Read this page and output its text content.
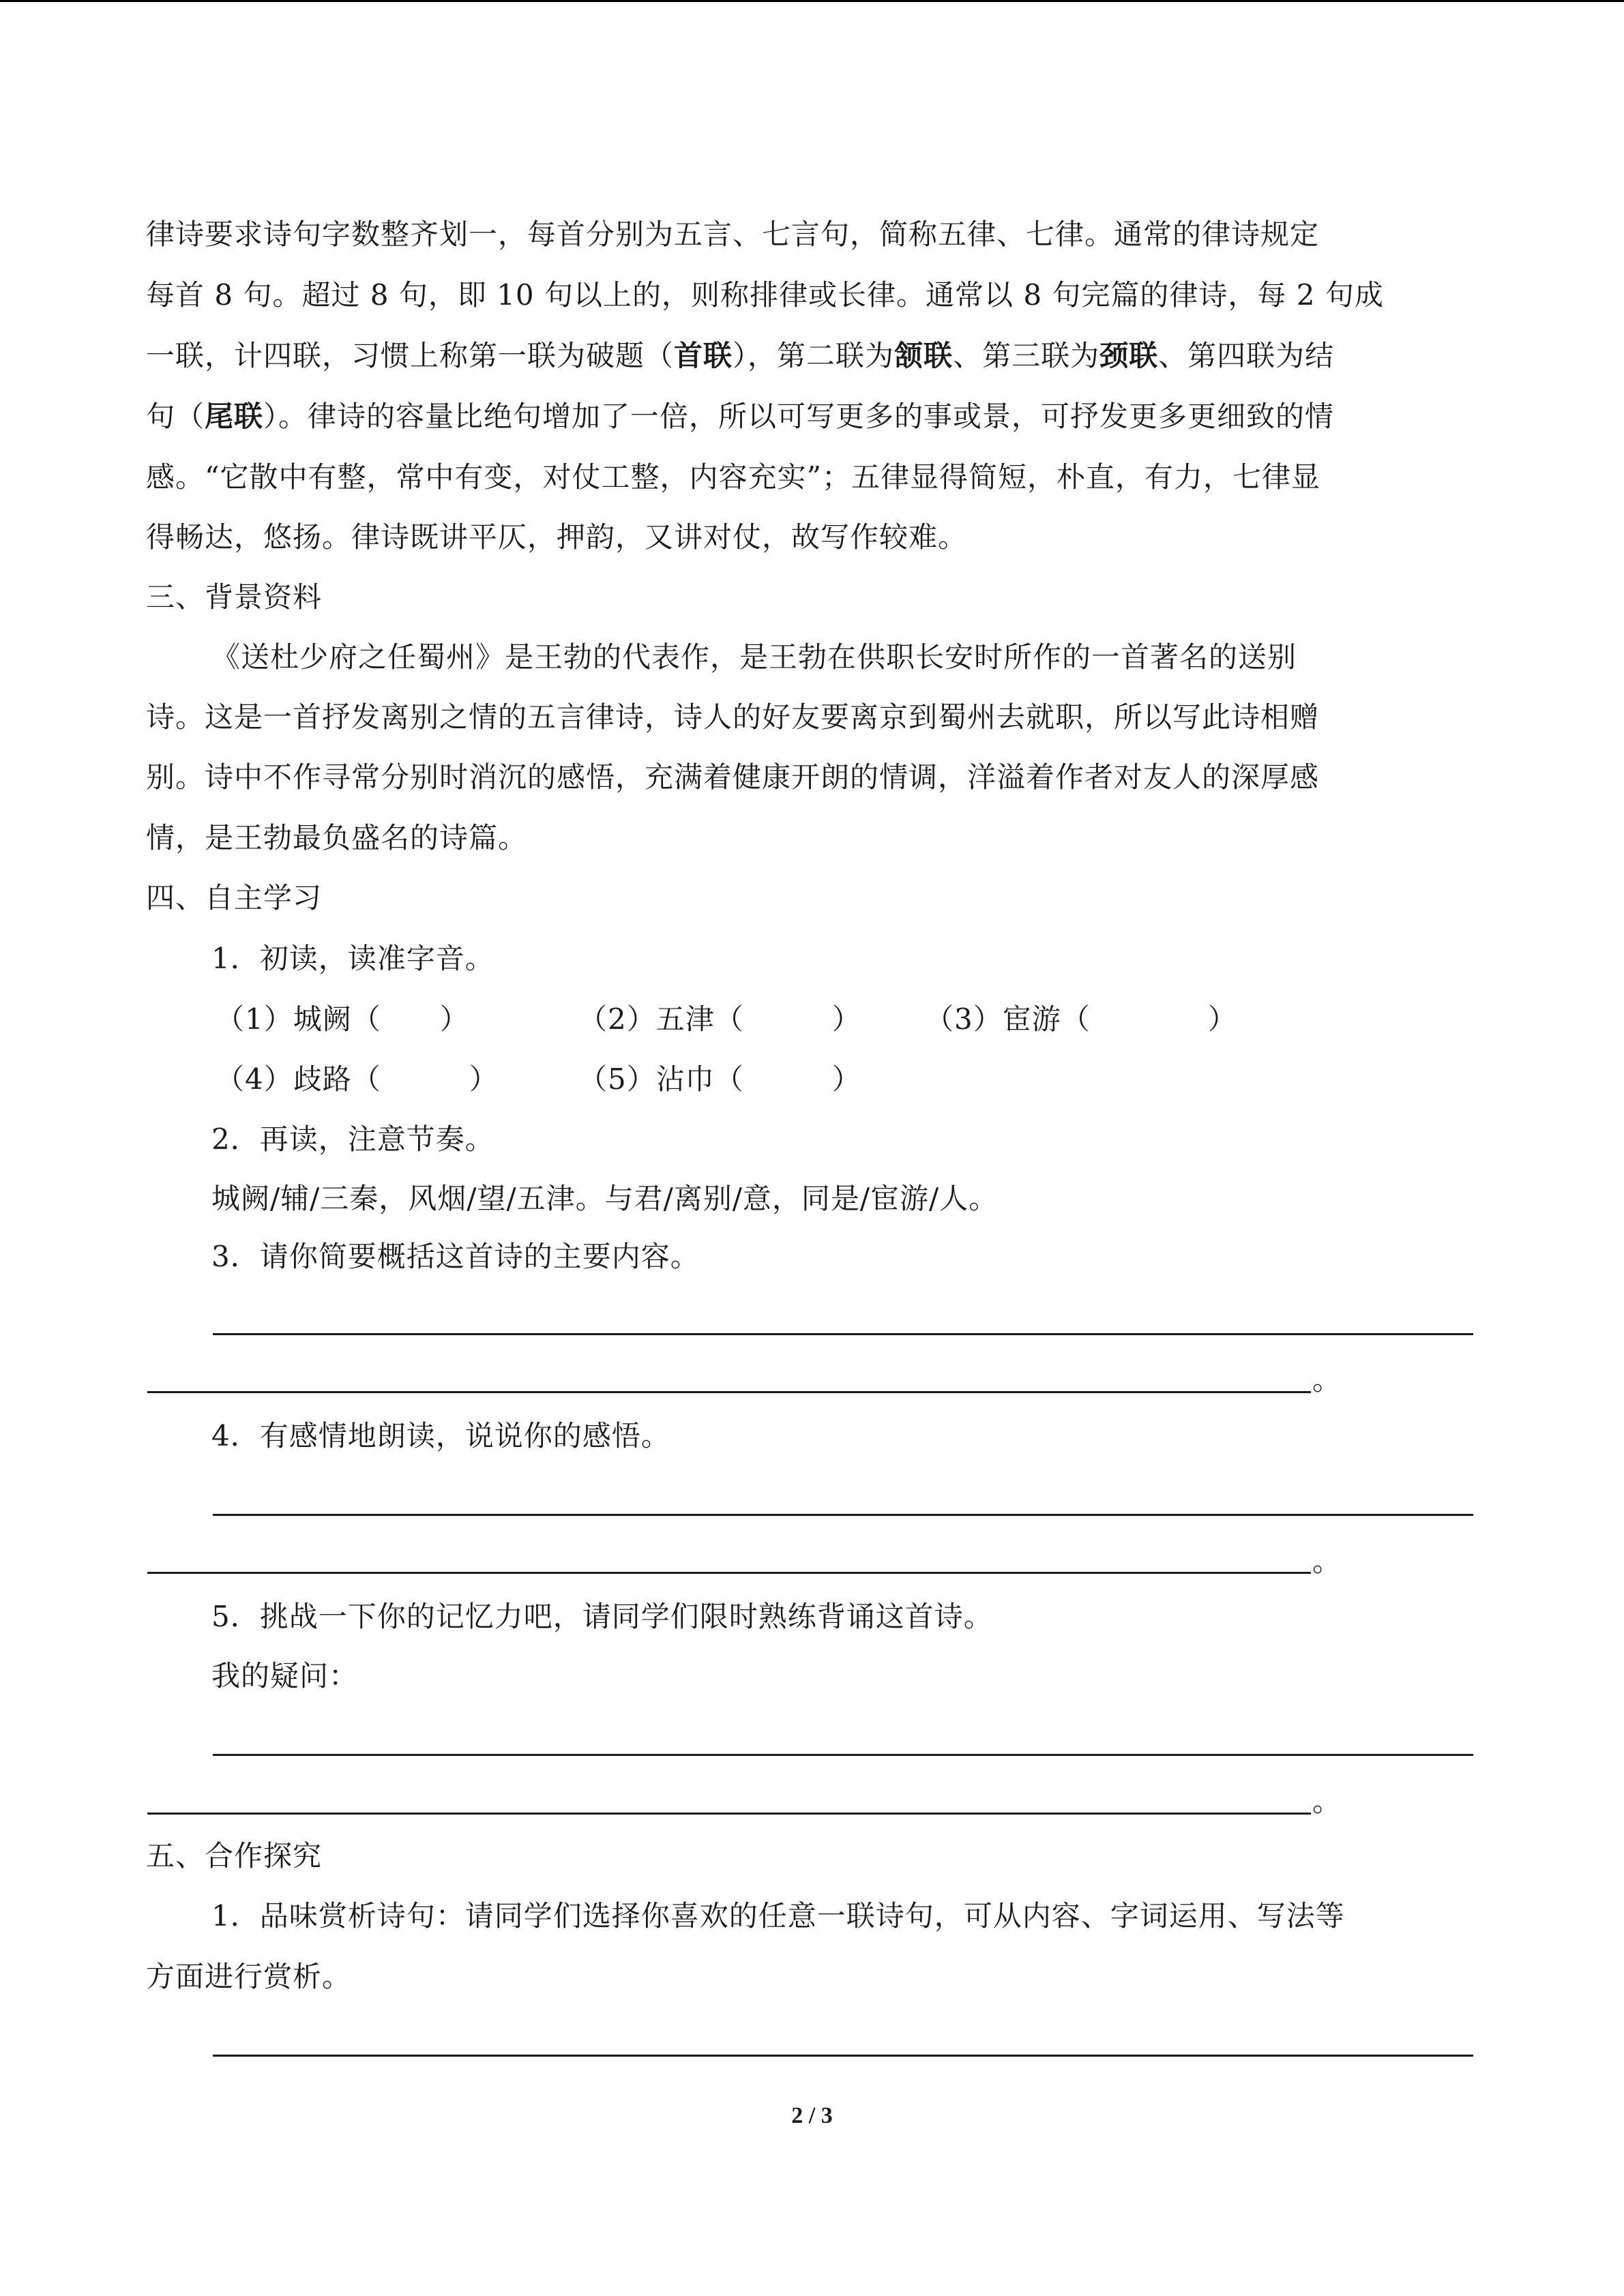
律诗要求诗句字数整齐划一，每首分别为五言、七言句，简称五律、七律。通常的律诗规定
每首 8 句。超过 8 句，即 10 句以上的，则称排律或长律。通常以 8 句完篇的律诗，每 2 句成
一联，计四联，习惯上称第一联为破题（首联），第二联为颔联、第三联为颈联、第四联为结
句（尾联）。律诗的容量比绝句增加了一倍，所以可写更多的事或景，可抒发更多更细致的情
感。“它散中有整，常中有变，对仗工整，内容充实”；五律显得简短，朴直，有力，七律显
得畅达，悠扬。律诗既讲平仄，押韵，又讲对仗，故写作较难。
三、背景资料
《送杜少府之任蜀州》是王勃的代表作，是王勃在供职长安时所作的一首著名的送别
诗。这是一首抒发离别之情的五言律诗，诗人的好友要离京到蜀州去就职，所以写此诗相赠
别。诗中不作寻常分别时消沉的感悟，充满着健康开朗的情调，洋溢着作者对友人的深厚感
情，是王勃最负盛名的诗篇。
四、自主学习
1．初读，读准字音。
（1）城阙（　　）	（2）五津（　　　） （3）宦游（　　　　）
（4）歧路（　　　）	（5）沾巾（　　　）
2．再读，注意节奏。
城阙/辅/三秦，风烟/望/五津。与君/离别/意，同是/宦游/人。
3．请你简要概括这首诗的主要内容。
。
4．有感情地朗读，说说你的感悟。
。
5．挑战一下你的记忆力吧，请同学们限时熟练背诵这首诗。
我的疑问：
。
五、合作探究
1．品味赏析诗句：请同学们选择你喜欢的任意一联诗句，可从内容、字词运用、写法等
方面进行赏析。
2 / 3
